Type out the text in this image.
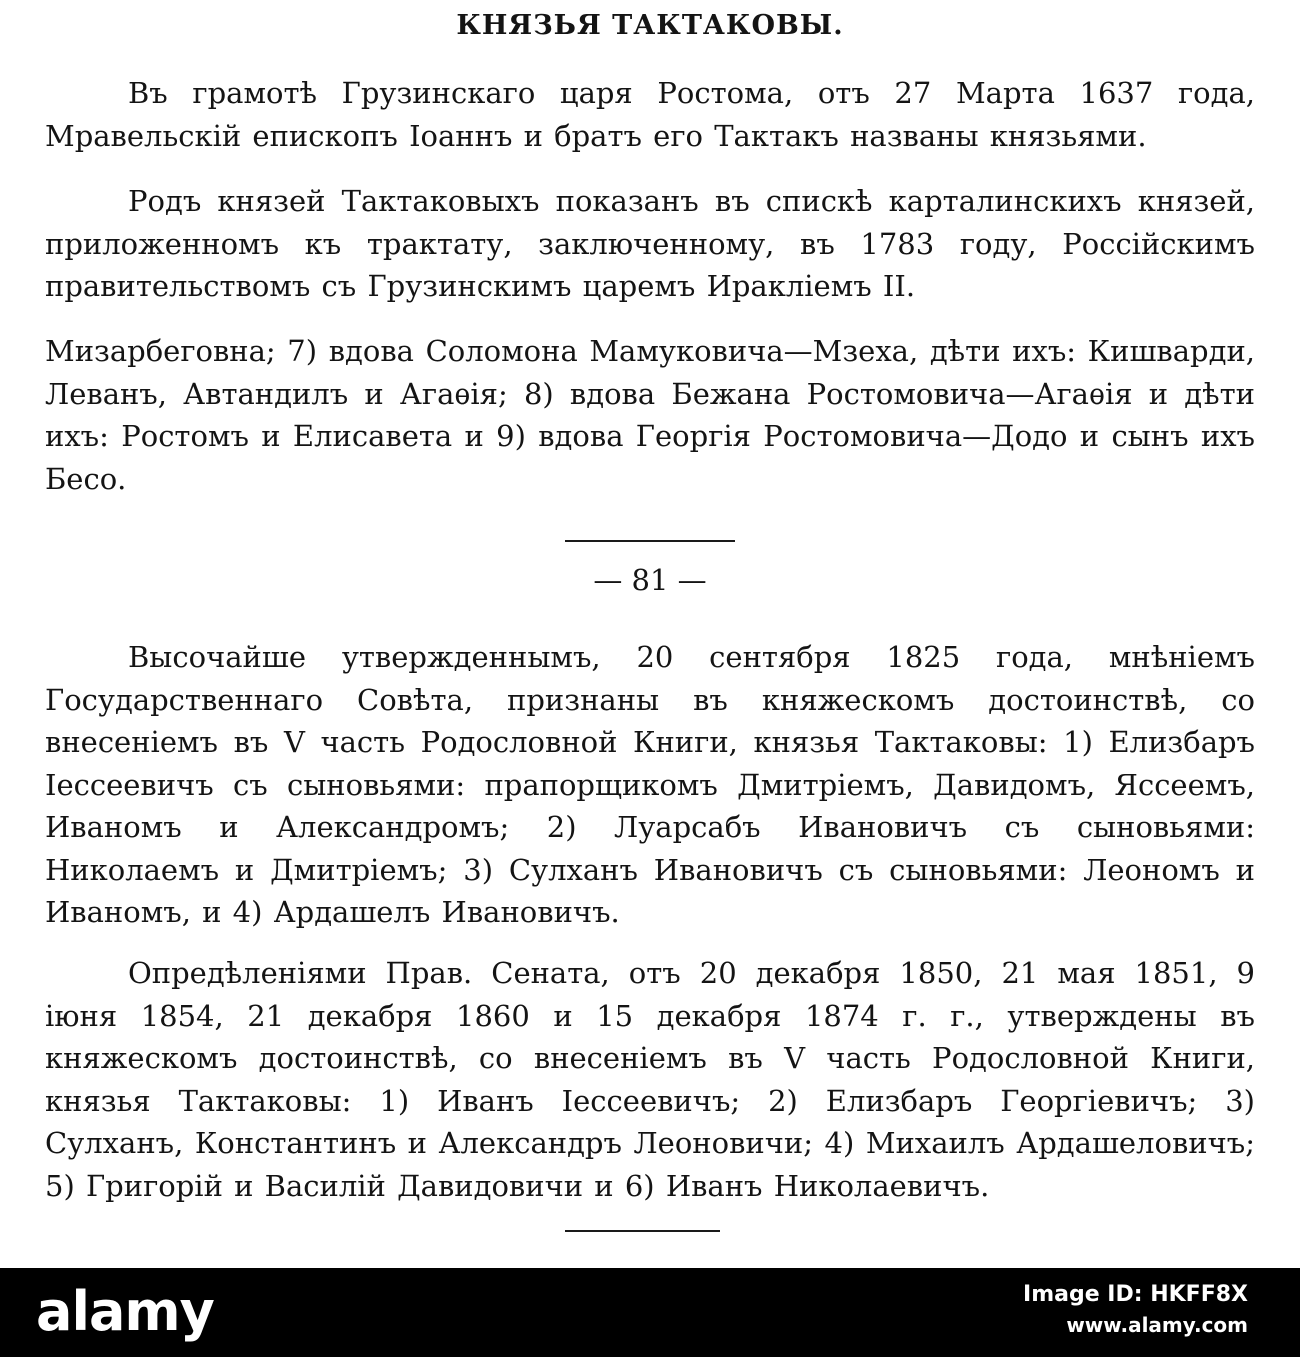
КНЯЗЬЯ ТАКТАКОВЫ.

Въ грамотѣ Грузинскаго царя Ростома, отъ 27 Марта 1637 года, Мравельскій епископъ Іоаннъ и братъ его Тактакъ названы князьями.

Родъ князей Тактаковыхъ показанъ въ спискѣ карталинскихъ князей, приложенномъ къ трактату, заключенному, въ 1783 году, Россійскимъ правительствомъ съ Грузинскимъ царемъ Иракліемъ II.

Мизарбеговна; 7) вдова Соломона Мамуковича—Мзеха, дѣти ихъ: Кишварди, Леванъ, Автандилъ и Агаѳія; 8) вдова Бежана Ростомовича—Агаѳія и дѣти ихъ: Ростомъ и Елисавета и 9) вдова Георгія Ростомовича—Додо и сынъ ихъ Бесо.

— 81 —

Высочайше утвержденнымъ, 20 сентября 1825 года, мнѣніемъ Государственнаго Совѣта, признаны въ княжескомъ достоинствѣ, со внесеніемъ въ V часть Родословной Книги, князья Тактаковы: 1) Елизбаръ Іессеевичъ съ сыновьями: прапорщикомъ Дмитріемъ, Давидомъ, Яссеемъ, Иваномъ и Александромъ; 2) Луарсабъ Ивановичъ съ сыновьями: Николаемъ и Дмитріемъ; 3) Сулханъ Ивановичъ съ сыновьями: Леономъ и Иваномъ, и 4) Ардашелъ Ивановичъ.

Опредѣленіями Прав. Сената, отъ 20 декабря 1850, 21 мая 1851, 9 іюня 1854, 21 декабря 1860 и 15 декабря 1874 г. г., утверждены въ княжескомъ достоинствѣ, со внесеніемъ въ V часть Родословной Книги, князья Тактаковы: 1) Иванъ Іессеевичъ; 2) Елизбаръ Георгіевичъ; 3) Сулханъ, Константинъ и Александръ Леоновичи; 4) Михаилъ Ардашеловичъ; 5) Григорій и Василій Давидовичи и 6) Иванъ Николаевичъ.

alamy	Image ID: HKFF8X
www.alamy.com
